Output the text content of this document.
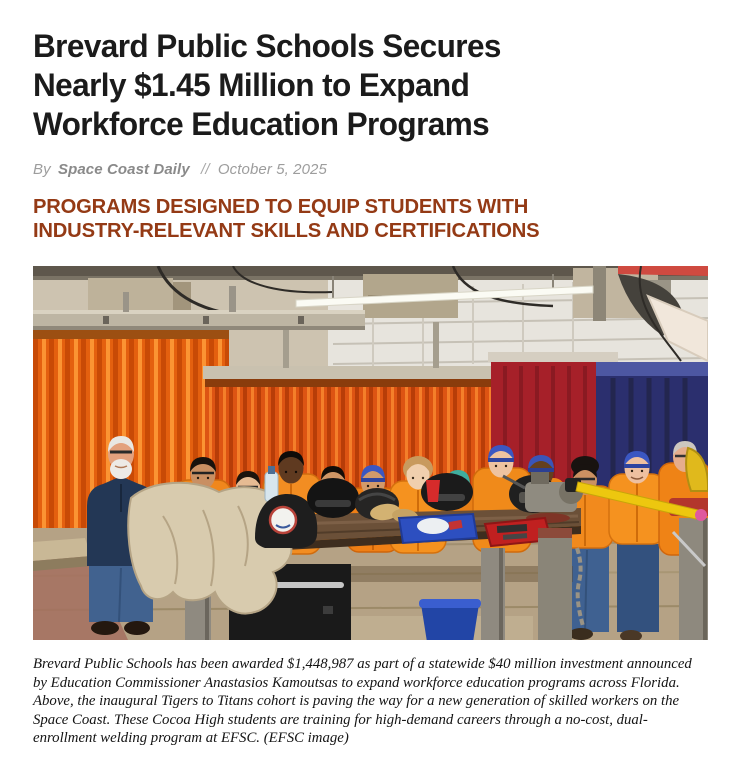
Brevard Public Schools Secures
Nearly $1.45 Million to Expand
Workforce Education Programs
By Space Coast Daily // October 5, 2025
PROGRAMS DESIGNED TO EQUIP STUDENTS WITH
INDUSTRY-RELEVANT SKILLS AND CERTIFICATIONS

Brevard Public Schools has been awarded $1,448,987 as part of a statewide $40 million investment announced by Education Commissioner Anastasios Kamoutsas to expand workforce education programs across Florida. Above, the inaugural Tigers to Titans cohort is paving the way for a new generation of skilled workers on the Space Coast. These Cocoa High students are training for high-demand careers through a no-cost, dual-enrollment welding program at EFSC. (EFSC image)
